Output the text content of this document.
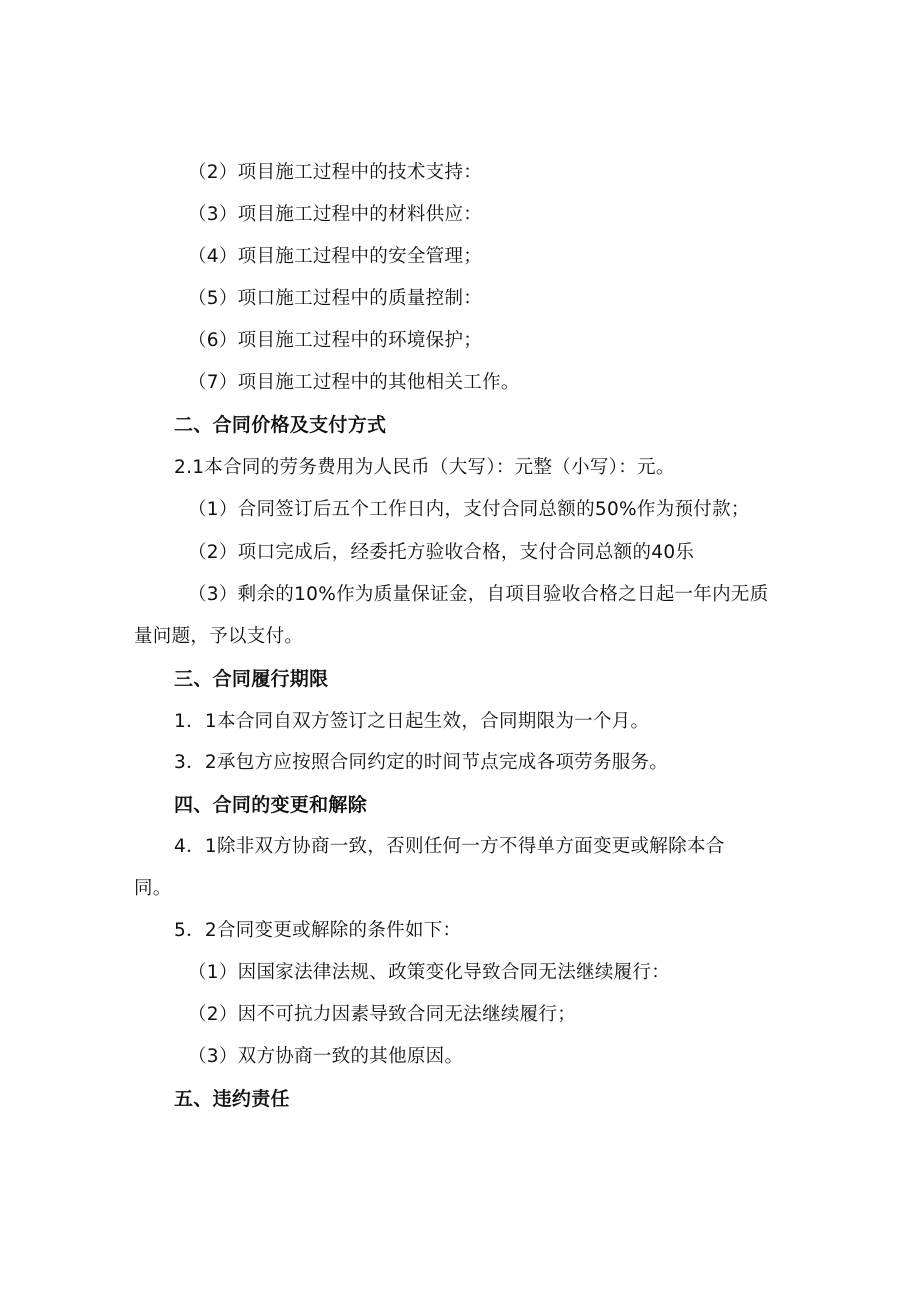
（2）项目施工过程中的技术支持：
（3）项目施工过程中的材料供应：
（4）项目施工过程中的安全管理；
（5）项口施工过程中的质量控制：
（6）项目施工过程中的环境保护；
（7）项目施工过程中的其他相关工作。
二、合同价格及支付方式
2.1本合同的劳务费用为人民币（大写）：元整（小写）：元。
（1）合同签订后五个工作日内，支付合同总额的50%作为预付款；
（2）项口完成后，经委托方验收合格，支付合同总额的40乐
（3）剩余的10%作为质量保证金，自项目验收合格之日起一年内无质
量问题，予以支付。
三、合同履行期限
1．1本合同自双方签订之日起生效，合同期限为一个月。
3．2承包方应按照合同约定的时间节点完成各项劳务服务。
四、合同的变更和解除
4．1除非双方协商一致，否则任何一方不得单方面变更或解除本合
同。
5．2合同变更或解除的条件如下：
（1）因国家法律法规、政策变化导致合同无法继续履行：
（2）因不可抗力因素导致合同无法继续履行；
（3）双方协商一致的其他原因。
五、违约责任
